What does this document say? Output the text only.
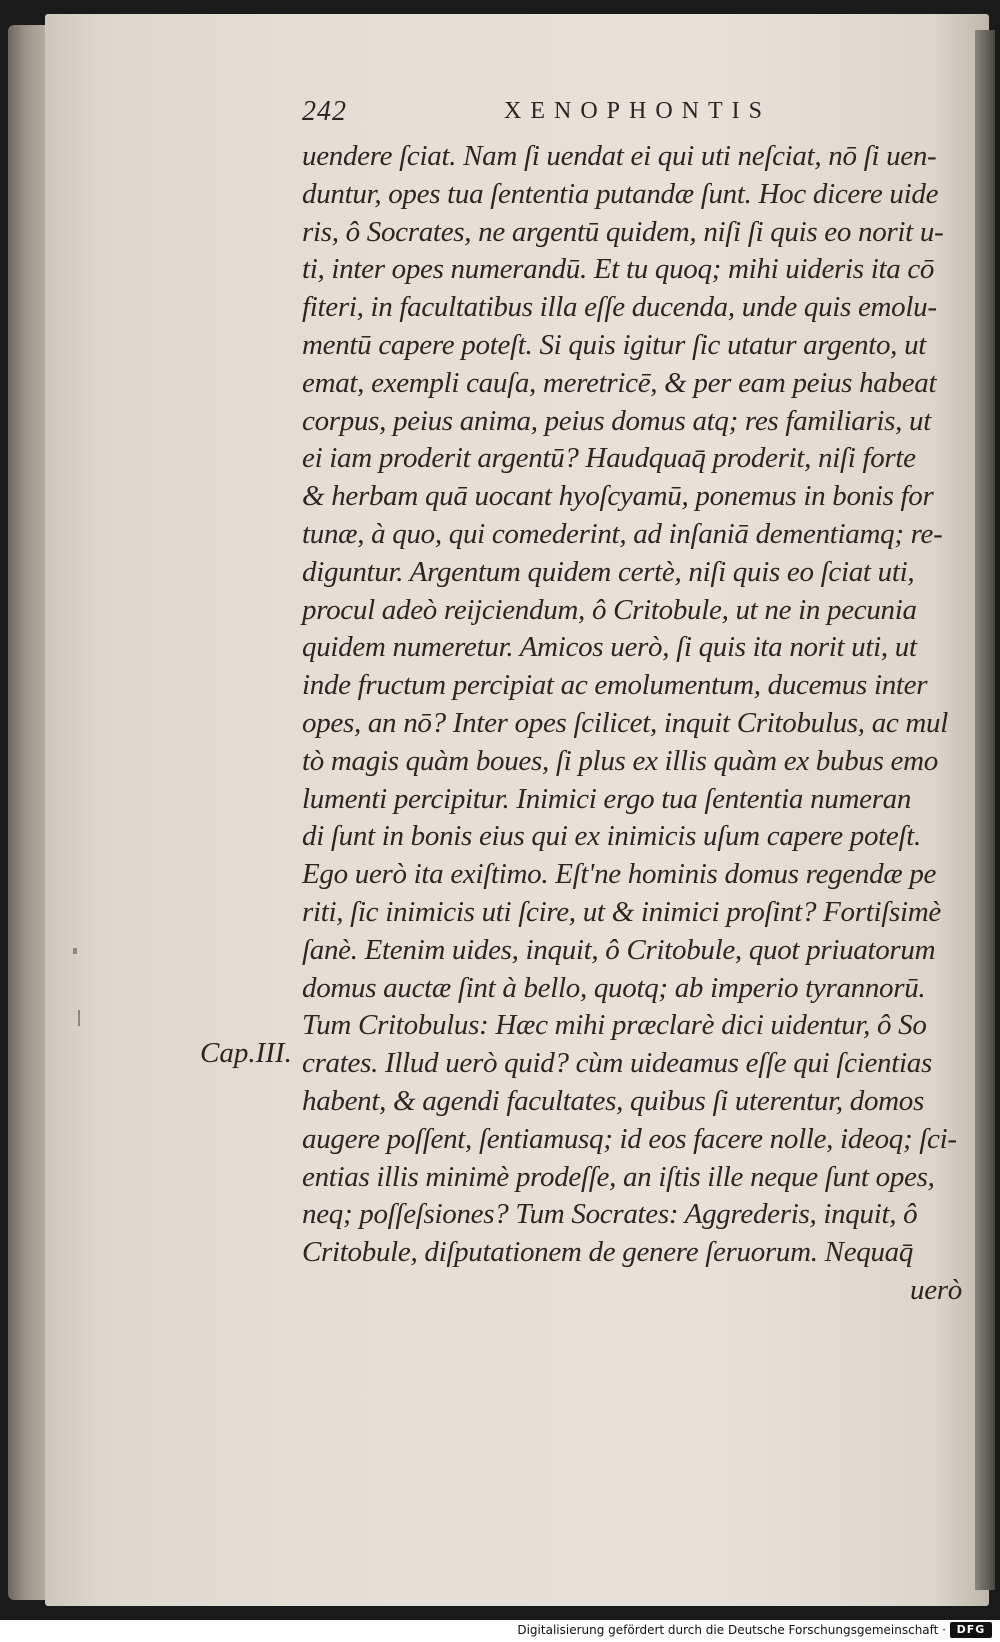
242	XENOPHONTIS
Cap.III.
uendere ſciat. Nam ſi uendat ei qui uti neſciat, nō ſi uen-
duntur, opes tua ſententia putandæ ſunt. Hoc dicere uide
ris, ô Socrates, ne argentū quidem, niſi ſi quis eo norit u-
ti, inter opes numerandū. Et tu quoq; mihi uideris ita cō
fiteri, in facultatibus illa eſſe ducenda, unde quis emolu-
mentū capere poteſt. Si quis igitur ſic utatur argento, ut
emat, exempli cauſa, meretricē, & per eam peius habeat
corpus, peius anima, peius domus atq; res familiaris, ut
ei iam proderit argentū? Haudquaq̄ proderit, niſi forte
& herbam quā uocant hyoſcyamū, ponemus in bonis for
tunæ, à quo, qui comederint, ad inſaniā dementiamq; re-
diguntur. Argentum quidem certè, niſi quis eo ſciat uti,
procul adeò reijciendum, ô Critobule, ut ne in pecunia
quidem numeretur. Amicos uerò, ſi quis ita norit uti, ut
inde fructum percipiat ac emolumentum, ducemus inter
opes, an nō? Inter opes ſcilicet, inquit Critobulus, ac mul
tò magis quàm boues, ſi plus ex illis quàm ex bubus emo
lumenti percipitur. Inimici ergo tua ſententia numeran
di ſunt in bonis eius qui ex inimicis uſum capere poteſt.
Ego uerò ita exiſtimo. Eſt'ne hominis domus regendæ pe
riti, ſic inimicis uti ſcire, ut & inimici proſint? Fortiſsimè
ſanè. Etenim uides, inquit, ô Critobule, quot priuatorum
domus auctæ ſint à bello, quotq; ab imperio tyrannorū.
Tum Critobulus: Hæc mihi præclarè dici uidentur, ô So
crates. Illud uerò quid? cùm uideamus eſſe qui ſcientias
habent, & agendi facultates, quibus ſi uterentur, domos
augere poſſent, ſentiamusq; id eos facere nolle, ideoq; ſci-
entias illis minimè prodeſſe, an iſtis ille neque ſunt opes,
neq; poſſeſsiones? Tum Socrates: Aggrederis, inquit, ô
Critobule, diſputationem de genere ſeruorum. Nequaq̄
uerò
Digitalisierung gefördert durch die Deutsche Forschungsgemeinschaft · DFG
